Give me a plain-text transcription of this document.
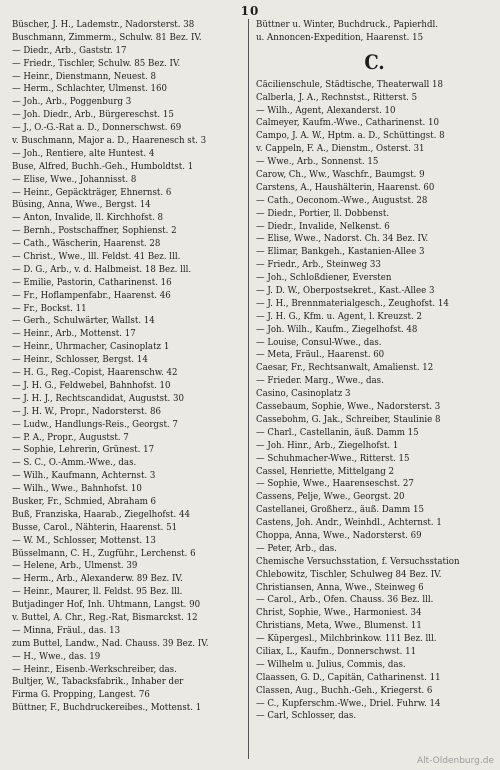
10
Büscher, J. H., Lademstr., Nadorsterst. 38
Buschmann, Zimmerm., Schulw. 81 Bez. IV.
— Diedr., Arb., Gaststr. 17
— Friedr., Tischler, Schulw. 85 Bez. IV.
— Heinr., Dienstmann, Neuest. 8
— Herm., Schlachter, Ulmenst. 160
— Joh., Arb., Poggenburg 3
— Joh. Diedr., Arb., Bürgereschst. 15
— J., O.-G.-Rat a. D., Donnerschwst. 69
v. Buschmann, Major a. D., Haarenesch st. 3
— Joh., Rentiere, alte Huntest. 4
Buse, Alfred, Buchh.-Geh., Humboldtst. 1
— Elise, Wwe., Johannisst. 8
— Heinr., Gepäckträger, Ehnernst. 6
Büsing, Anna, Wwe., Bergst. 14
— Anton, Invalide, ll. Kirchhofst. 8
— Bernh., Postschaffner, Sophienst. 2
— Cath., Wäscherin, Haarenst. 28
— Christ., Wwe., lll. Feldst. 41 Bez. lll.
— D. G., Arb., v. d. Halbmeist. 18 Bez. lll.
— Emilie, Pastorin, Catharinenst. 16
— Fr., Hoflampenfabr., Haarenst. 46
— Fr., Bockst. 11
— Gerh., Schulwärter, Wallst. 14
— Heinr., Arb., Mottenst. 17
— Heinr., Uhrmacher, Casinoplatz 1
— Heinr., Schlosser, Bergst. 14
— H. G., Reg.-Copist, Haarenschw. 42
— J. H. G., Feldwebel, Bahnhofst. 10
— J. H. J., Rechtscandidat, Augustst. 30
— J. H. W., Propr., Nadorsterst. 86
— Ludw., Handlungs-Reis., Georgst. 7
— P. A., Propr., Augustst. 7
— Sophie, Lehrerin, Grünest. 17
— S. C., O.-Amm.-Wwe., das.
— Wilh., Kaufmann, Achternst. 3
— Wilh., Wwe., Bahnhofst. 10
Busker, Fr., Schmied, Abraham 6
Buß, Franziska, Haarab., Ziegelhofst. 44
Busse, Carol., Nähterin, Haarenst. 51
— W. M., Schlosser, Mottenst. 13
Büsselmann, C. H., Zugführ., Lerchenst. 6
— Helene, Arb., Ulmenst. 39
— Herm., Arb., Alexanderw. 89 Bez. IV.
— Heinr., Maurer, ll. Feldst. 95 Bez. lll.
Butjadinger Hof, Inh. Uhtmann, Langst. 90
v. Buttel, A. Chr., Reg.-Rat, Bismarckst. 12
— Minna, Fräul., das. 13
zum Buttel, Landw., Nad. Chauss. 39 Bez. IV.
— H., Wwe., das. 19
— Heinr., Eisenb.-Werkschreiber, das.
Bultjer, W., Tabacksfabrik., Inhaber der
Firma G. Propping, Langest. 76
Büttner, F., Buchdruckereibes., Mottenst. 1
Büttner u. Winter, Buchdruck., Papierhdl.
u. Annoncen-Expedition, Haarenst. 15
C.
Cäcilienschule, Städtische, Theaterwall 18
Calberla, J. A., Rechnstst., Ritterst. 5
— Wilh., Agent, Alexanderst. 10
Calmeyer, Kaufm.-Wwe., Catharinenst. 10
Campo, J. A. W., Hptm. a. D., Schüttingst. 8
v. Cappeln, F. A., Dienstm., Osterst. 31
— Wwe., Arb., Sonnenst. 15
Carow, Ch., Ww., Waschfr., Baumgst. 9
Carstens, A., Haushälterin, Haarenst. 60
— Cath., Oeconom.-Wwe., Augustst. 28
— Diedr., Portier, ll. Dobbenst.
— Diedr., Invalide, Nelkenst. 6
— Elise, Wwe., Nadorst. Ch. 34 Bez. IV.
— Elimar, Bankgeh., Kastanien-Allee 3
— Friedr., Arb., Steinweg 33
— Joh., Schloßdiener, Eversten
— J. D. W., Oberpostsekret., Kast.-Allee 3
— J. H., Brennmaterialgesch., Zeughofst. 14
— J. H. G., Kfm. u. Agent, l. Kreuzst. 2
— Joh. Wilh., Kaufm., Ziegelhofst. 48
— Louise, Consul-Wwe., das.
— Meta, Fräul., Haarenst. 60
Caesar, Fr., Rechtsanwalt, Amalienst. 12
— Frieder. Marg., Wwe., das.
Casino, Casinoplatz 3
Cassebaum, Sophie, Wwe., Nadorsterst. 3
Cassebohm, G. Jak., Schreiber, Staulinie 8
— Charl., Castellanin, äuß. Damm 15
— Joh. Hinr., Arb., Ziegelhofst. 1
— Schuhmacher-Wwe., Ritterst. 15
Cassel, Henriette, Mittelgang 2
— Sophie, Wwe., Haarenseschst. 27
Cassens, Pelje, Wwe., Georgst. 20
Castellanei, Großherz., äuß. Damm 15
Castens, Joh. Andr., Weinhdl., Achternst. 1
Choppa, Anna, Wwe., Nadorsterst. 69
— Peter, Arb., das.
Chemische Versuchsstation, f. Versuchsstation
Chlebowitz, Tischler, Schulweg 84 Bez. IV.
Christiansen, Anna, Wwe., Steinweg 6
— Carol., Arb., Ofen. Chauss. 36 Bez. lll.
Christ, Sophie, Wwe., Harmoniest. 34
Christians, Meta, Wwe., Blumenst. 11
— Küpergesl., Milchbrinkow. 111 Bez. lll.
Ciliax, L., Kaufm., Donnerschwst. 11
— Wilhelm u. Julius, Commis, das.
Claassen, G. D., Capitän, Catharinenst. 11
Classen, Aug., Buchh.-Geh., Kriegerst. 6
— C., Kupferschm.-Wwe., Driel. Fuhrw. 14
— Carl, Schlosser, das.
Alt-Oldenburg.de
